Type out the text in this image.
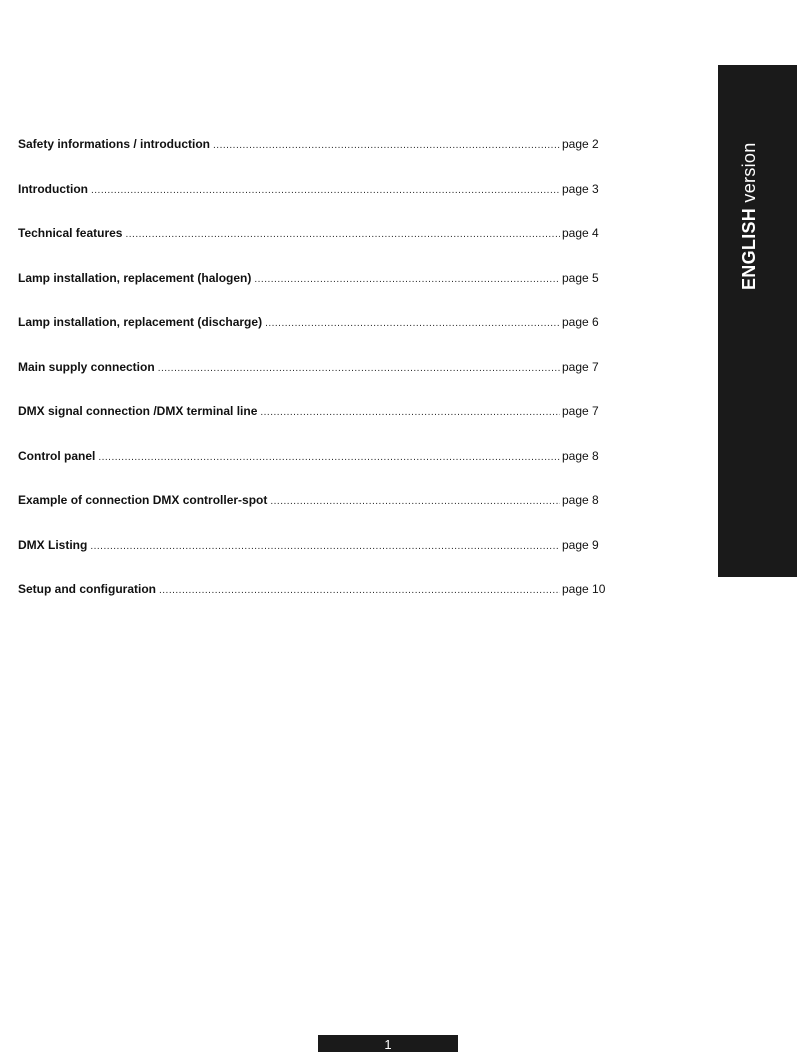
Safety informations / introduction .....	page 2
Introduction .....	page 3
Technical features .....	page 4
Lamp installation, replacement (halogen) .....	page 5
Lamp installation, replacement (discharge) .....	page 6
Main supply connection .....	page 7
DMX signal connection /DMX terminal line .....	page 7
Control panel .....	page 8
Example of connection DMX controller-spot .....	page 8
DMX Listing .....	page 9
Setup and configuration .....	page 10
ENGLISH version
1
